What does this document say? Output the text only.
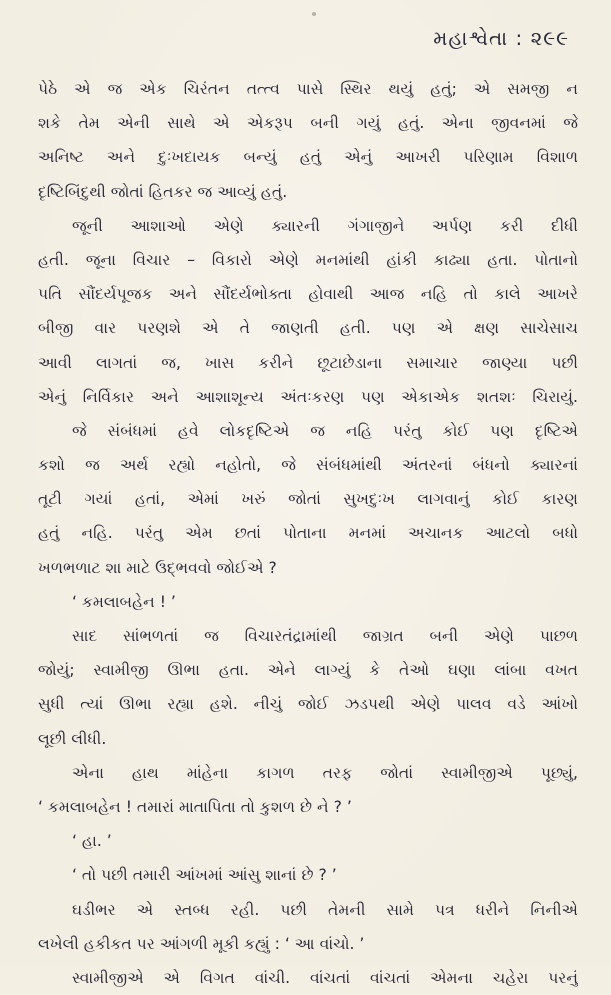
મહાશ્વેતા : ૨૯૯
પેઠે એ જ એક ચિરંતન તત્ત્વ પાસે સ્થિર થયું હતું; એ સમજી ન
શકે તેમ એની સાથે એ એકરૂપ બની ગયું હતું. એના જીવનમાં જે
અનિષ્ટ અને દુઃખદાયક બન્યું હતું એનું આખરી પરિણામ વિશાળ
દૃષ્ટિબિંદુથી જોતાં હિતકર જ આવ્યું હતું.
જૂની આશાઓ એણે ક્યારની ગંગાજીને અર્પણ કરી દીધી
હતી. જૂના વિચાર – વિકારો એણે મનમાંથી હાંકી કાઢ્યા હતા. પોતાનો
પતિ સૌંદર્યપૂજક અને સૌંદર્યભોક્તા હોવાથી આજ નહિ તો કાલે આખરે
બીજી વાર પરણશે એ તે જાણતી હતી. પણ એ ક્ષણ સાચેસાચ
આવી લાગતાં જ, ખાસ કરીને છૂટાછેડાના સમાચાર જાણ્યા પછી
એનું નિર્વિકાર અને આશાશૂન્ય અંતઃકરણ પણ એકાએક શતશઃ ચિરાયું.
જે સંબંધમાં હવે લોકદૃષ્ટિએ જ નહિ પરંતુ કોઈ પણ દૃષ્ટિએ
કશો જ અર્થ રહ્યો નહોતો, જે સંબંધમાંથી અંતરનાં બંધનો ક્યારનાં
તૂટી ગયાં હતાં, એમાં ખરું જોતાં સુખદુઃખ લાગવાનું કોઈ કારણ
હતું નહિ. પરંતુ એમ છતાં પોતાના મનમાં અચાનક આટલો બધો
ખળભળાટ શા માટે ઉદ્ભવવો જોઈએ ?
‘ કમલાબહેન ! ’
સાદ સાંભળતાં જ વિચારતંદ્રામાંથી જાગ્રત બની એણે પાછળ
જોયું; સ્વામીજી ઊભા હતા. એને લાગ્યું કે તેઓ ઘણા લાંબા વખત
સુધી ત્યાં ઊભા રહ્યા હશે. નીચું જોઈ ઝડપથી એણે પાલવ વડે આંખો
લૂછી લીધી.
એના હાથ માંહેના કાગળ તરફ જોતાં સ્વામીજીએ પૂછ્યું,
‘ કમલાબહેન ! તમારાં માતાપિતા તો કુશળ છે ને ? ’
‘ હા. ’
‘ તો પછી તમારી આંખમાં આંસુ શાનાં છે ? ’
ઘડીભર એ સ્તબ્ધ રહી. પછી તેમની સામે પત્ર ધરીને નિનીએ
લખેલી હકીકત પર આંગળી મૂકી કહ્યું : ‘ આ વાંચો. ’
સ્વામીજીએ એ વિગત વાંચી. વાંચતાં વાંચતાં એમના ચહેરા પરનું
